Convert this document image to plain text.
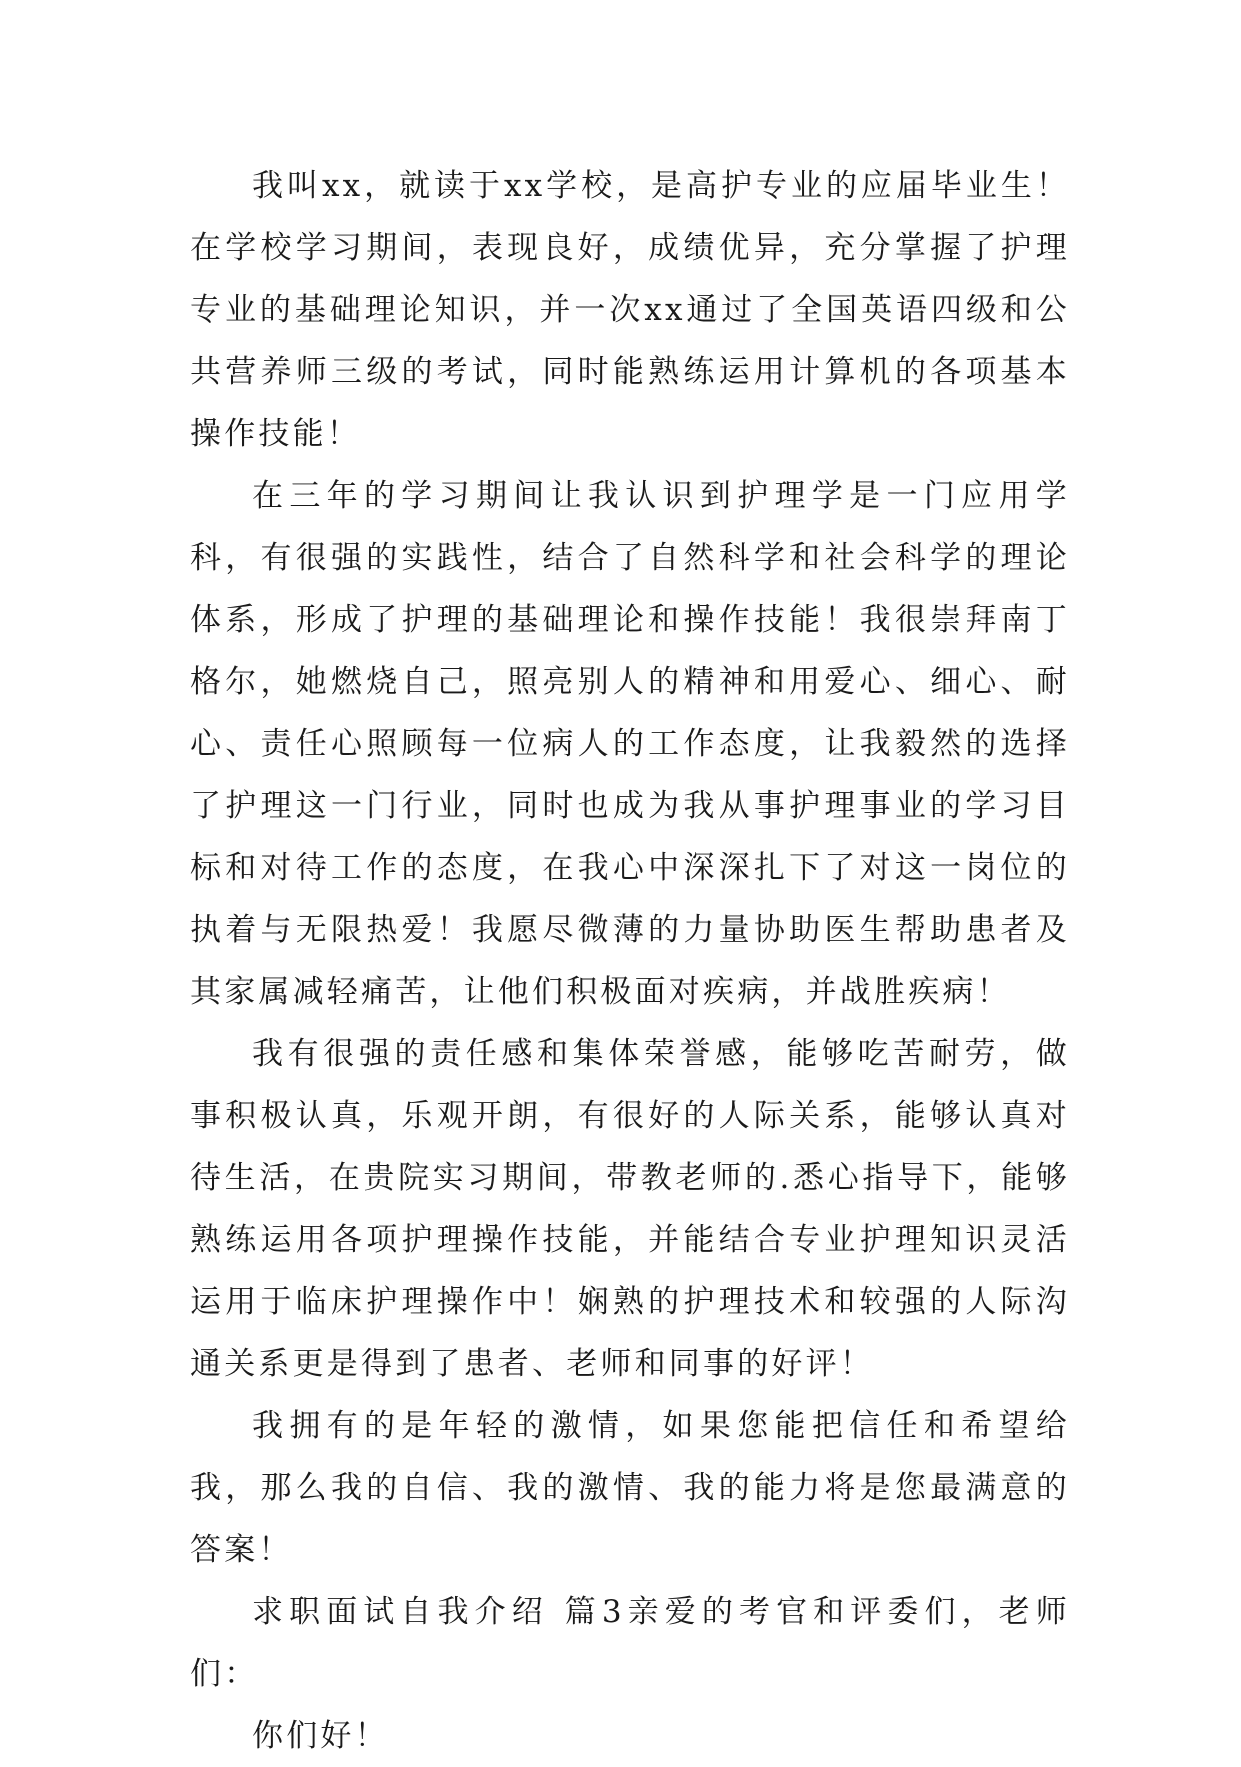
我叫xx，就读于xx学校，是高护专业的应届毕业生！在学校学习期间，表现良好，成绩优异，充分掌握了护理专业的基础理论知识，并一次xx通过了全国英语四级和公共营养师三级的考试，同时能熟练运用计算机的各项基本操作技能！

在三年的学习期间让我认识到护理学是一门应用学科，有很强的实践性，结合了自然科学和社会科学的理论体系，形成了护理的基础理论和操作技能！我很崇拜南丁格尔，她燃烧自己，照亮别人的精神和用爱心、细心、耐心、责任心照顾每一位病人的工作态度，让我毅然的选择了护理这一门行业，同时也成为我从事护理事业的学习目标和对待工作的态度，在我心中深深扎下了对这一岗位的执着与无限热爱！我愿尽微薄的力量协助医生帮助患者及其家属减轻痛苦，让他们积极面对疾病，并战胜疾病！

我有很强的责任感和集体荣誉感，能够吃苦耐劳，做事积极认真，乐观开朗，有很好的人际关系，能够认真对待生活，在贵院实习期间，带教老师的.悉心指导下，能够熟练运用各项护理操作技能，并能结合专业护理知识灵活运用于临床护理操作中！娴熟的护理技术和较强的人际沟通关系更是得到了患者、老师和同事的好评！

我拥有的是年轻的激情，如果您能把信任和希望给我，那么我的自信、我的激情、我的能力将是您最满意的答案！

求职面试自我介绍 篇3亲爱的考官和评委们，老师们：

你们好！
